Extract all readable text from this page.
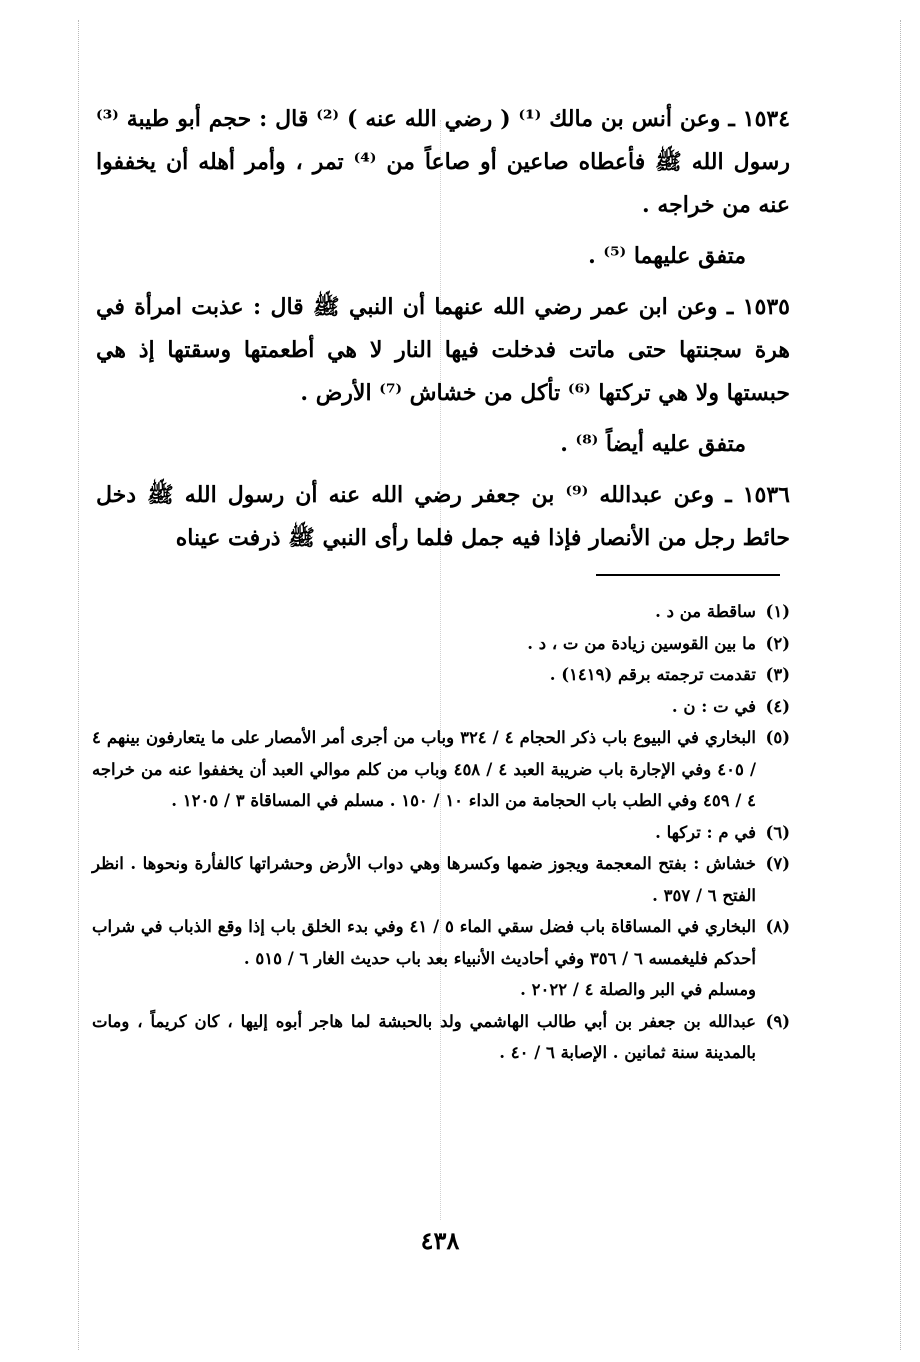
١٥٣٤ ـ وعن أنس بن مالك ⁽¹⁾ ( رضي الله عنه ) ⁽²⁾ قال : حجم أبو طيبة ⁽³⁾ رسول الله ﷺ فأعطاه صاعين أو صاعاً من ⁽⁴⁾ تمر ، وأمر أهله أن يخففوا عنه من خراجه .

متفق عليهما ⁽⁵⁾ .

١٥٣٥ ـ وعن ابن عمر رضي الله عنهما أن النبي ﷺ قال : عذبت امرأة في هرة سجنتها حتى ماتت فدخلت فيها النار لا هي أطعمتها وسقتها إذ هي حبستها ولا هي تركتها ⁽⁶⁾ تأكل من خشاش ⁽⁷⁾ الأرض .

متفق عليه أيضاً ⁽⁸⁾ .

١٥٣٦ ـ وعن عبدالله ⁽⁹⁾ بن جعفر رضي الله عنه أن رسول الله ﷺ دخل حائط رجل من الأنصار فإذا فيه جمل فلما رأى النبي ﷺ ذرفت عيناه

(١)
ساقطة من د .
(٢)
ما بين القوسين زيادة من ت ، د .
(٣)
تقدمت ترجمته برقم (١٤١٩) .
(٤)
في ت : ن .
(٥)
البخاري في البيوع باب ذكر الحجام ٤ / ٣٢٤ وباب من أجرى أمر الأمصار على ما يتعارفون بينهم ٤ / ٤٠٥ وفي الإجارة باب ضريبة العبد ٤ / ٤٥٨ وباب من كلم موالي العبد أن يخففوا عنه من خراجه ٤ / ٤٥٩ وفي الطب باب الحجامة من الداء ١٠ / ١٥٠ . مسلم في المساقاة ٣ / ١٢٠٥ .
(٦)
في م : تركها .
(٧)
خشاش : بفتح المعجمة ويجوز ضمها وكسرها وهي دواب الأرض وحشراتها كالفأرة ونحوها . انظر الفتح ٦ / ٣٥٧ .
(٨)
البخاري في المساقاة باب فضل سقي الماء ٥ / ٤١ وفي بدء الخلق باب إذا وقع الذباب في شراب أحدكم فليغمسه ٦ / ٣٥٦ وفي أحاديث الأنبياء بعد باب حديث الغار ٦ / ٥١٥ .
ومسلم في البر والصلة ٤ / ٢٠٢٢ .
(٩)
عبدالله بن جعفر بن أبي طالب الهاشمي ولد بالحبشة لما هاجر أبوه إليها ، كان كريماً ، ومات بالمدينة سنة ثمانين . الإصابة ٦ / ٤٠ .
٤٣٨
